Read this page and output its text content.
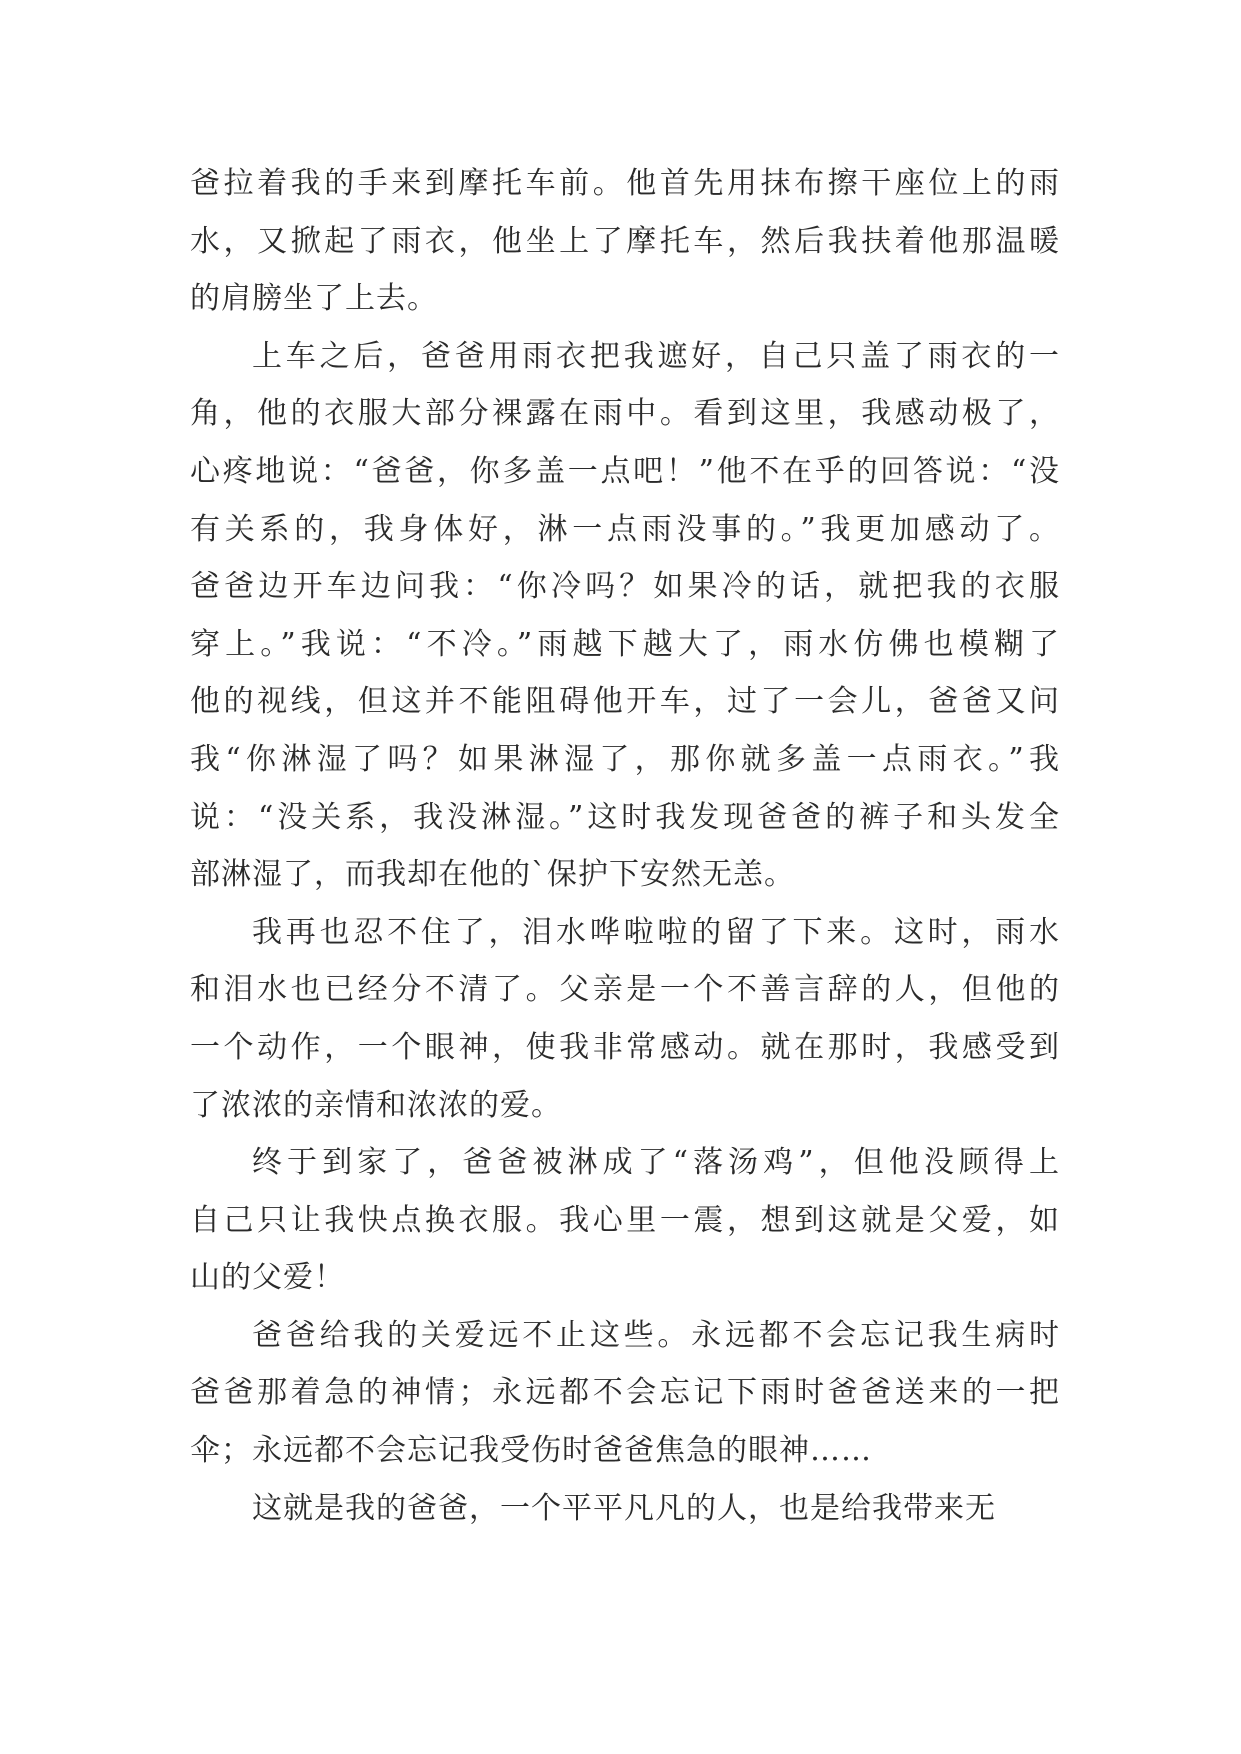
爸拉着我的手来到摩托车前。他首先用抹布擦干座位上的雨
水，又掀起了雨衣，他坐上了摩托车，然后我扶着他那温暖
的肩膀坐了上去。
上车之后，爸爸用雨衣把我遮好，自己只盖了雨衣的一
角，他的衣服大部分裸露在雨中。看到这里，我感动极了，
心疼地说：“爸爸，你多盖一点吧！”他不在乎的回答说：“没
有关系的，我身体好，淋一点雨没事的。”我更加感动了。
爸爸边开车边问我：“你冷吗？如果冷的话，就把我的衣服
穿上。”我说：“不冷。”雨越下越大了，雨水仿佛也模糊了
他的视线，但这并不能阻碍他开车，过了一会儿，爸爸又问
我“你淋湿了吗？如果淋湿了，那你就多盖一点雨衣。”我
说：“没关系，我没淋湿。”这时我发现爸爸的裤子和头发全
部淋湿了，而我却在他的`保护下安然无恙。
我再也忍不住了，泪水哗啦啦的留了下来。这时，雨水
和泪水也已经分不清了。父亲是一个不善言辞的人，但他的
一个动作，一个眼神，使我非常感动。就在那时，我感受到
了浓浓的亲情和浓浓的爱。
终于到家了，爸爸被淋成了“落汤鸡”，但他没顾得上
自己只让我快点换衣服。我心里一震，想到这就是父爱，如
山的父爱！
爸爸给我的关爱远不止这些。永远都不会忘记我生病时
爸爸那着急的神情；永远都不会忘记下雨时爸爸送来的一把
伞；永远都不会忘记我受伤时爸爸焦急的眼神……
这就是我的爸爸，一个平平凡凡的人，也是给我带来无
